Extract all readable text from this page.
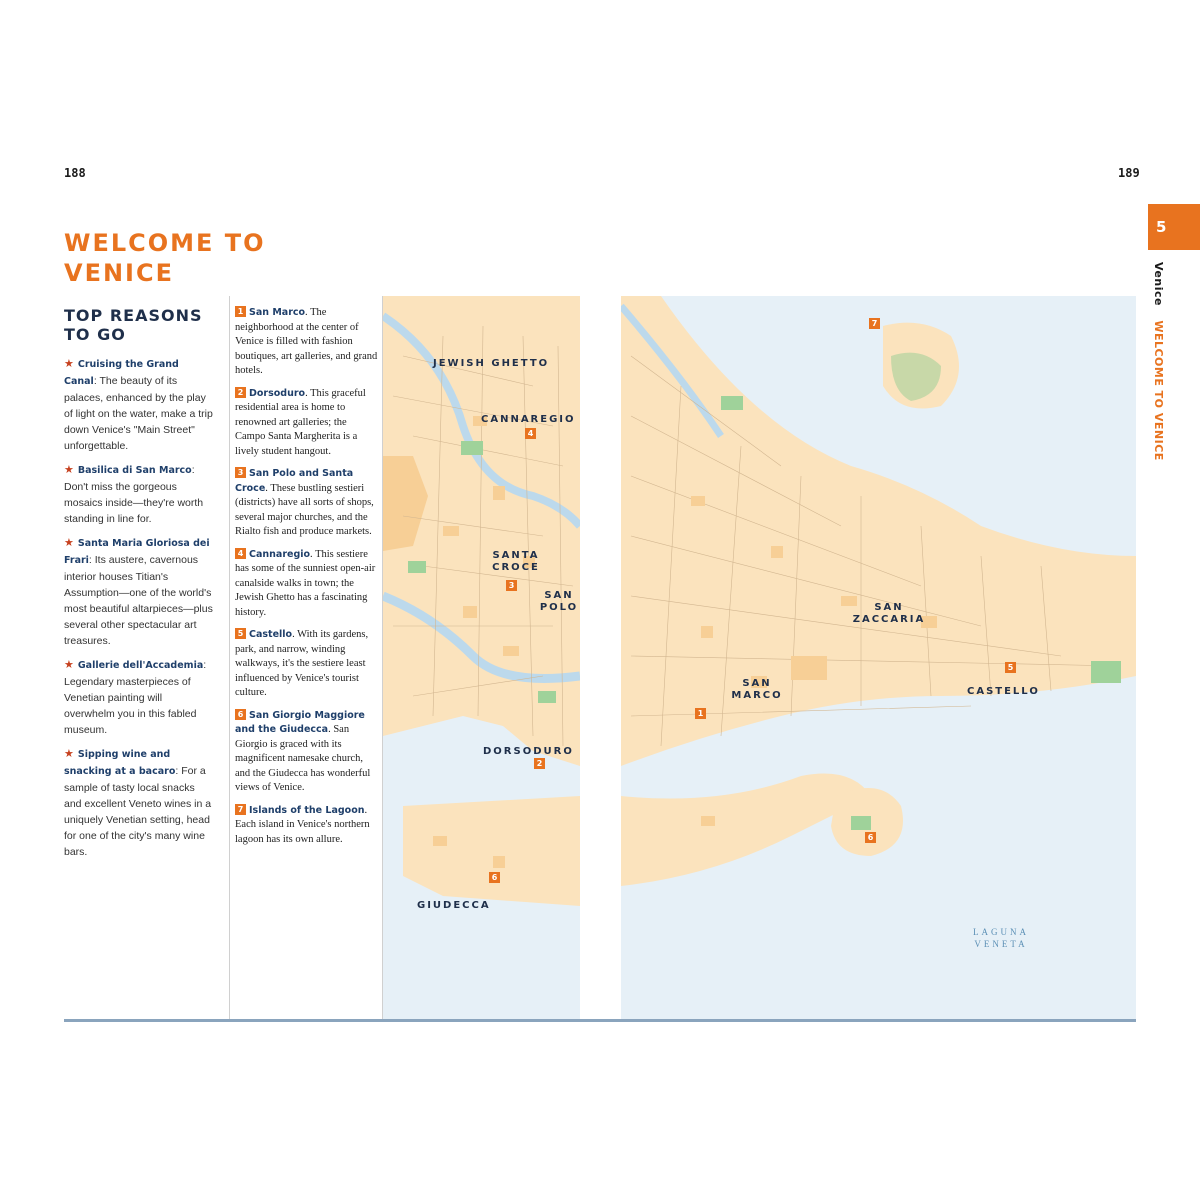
188	189
5
Venice WELCOME TO VENICE
WELCOME TO
VENICE
TOP REASONS TO GO
★ Cruising the Grand Canal: The beauty of its palaces, enhanced by the play of light on the water, make a trip down Venice's "Main Street" unforgettable.
★ Basilica di San Marco: Don't miss the gorgeous mosaics inside—they're worth standing in line for.
★ Santa Maria Gloriosa dei Frari: Its austere, cavernous interior houses Titian's Assumption—one of the world's most beautiful altarpieces—plus several other spectacular art treasures.
★ Gallerie dell'Accademia: Legendary masterpieces of Venetian painting will overwhelm you in this fabled museum.
★ Sipping wine and snacking at a bacaro: For a sample of tasty local snacks and excellent Veneto wines in a uniquely Venetian setting, head for one of the city's many wine bars.
1 San Marco. The neighborhood at the center of Venice is filled with fashion boutiques, art galleries, and grand hotels.
2 Dorsoduro. This graceful residential area is home to renowned art galleries; the Campo Santa Margherita is a lively student hangout.
3 San Polo and Santa Croce. These bustling sestieri (districts) have all sorts of shops, several major churches, and the Rialto fish and produce markets.
4 Cannaregio. This sestiere has some of the sunniest open-air canalside walks in town; the Jewish Ghetto has a fascinating history.
5 Castello. With its gardens, park, and narrow, winding walkways, it's the sestiere least influenced by Venice's tourist culture.
6 San Giorgio Maggiore and the Giudecca. San Giorgio is graced with its magnificent namesake church, and the Giudecca has wonderful views of Venice.
7 Islands of the Lagoon. Each island in Venice's northern lagoon has its own allure.
JEWISH GHETTO
CANNAREGIO
SANTA CROCE
SAN POLO
DORSODURO
GIUDECCA
4
3
2
6
SAN ZACCARIA
SAN MARCO	CASTELLO
LAGUNA VENETA
7
1
5
6
